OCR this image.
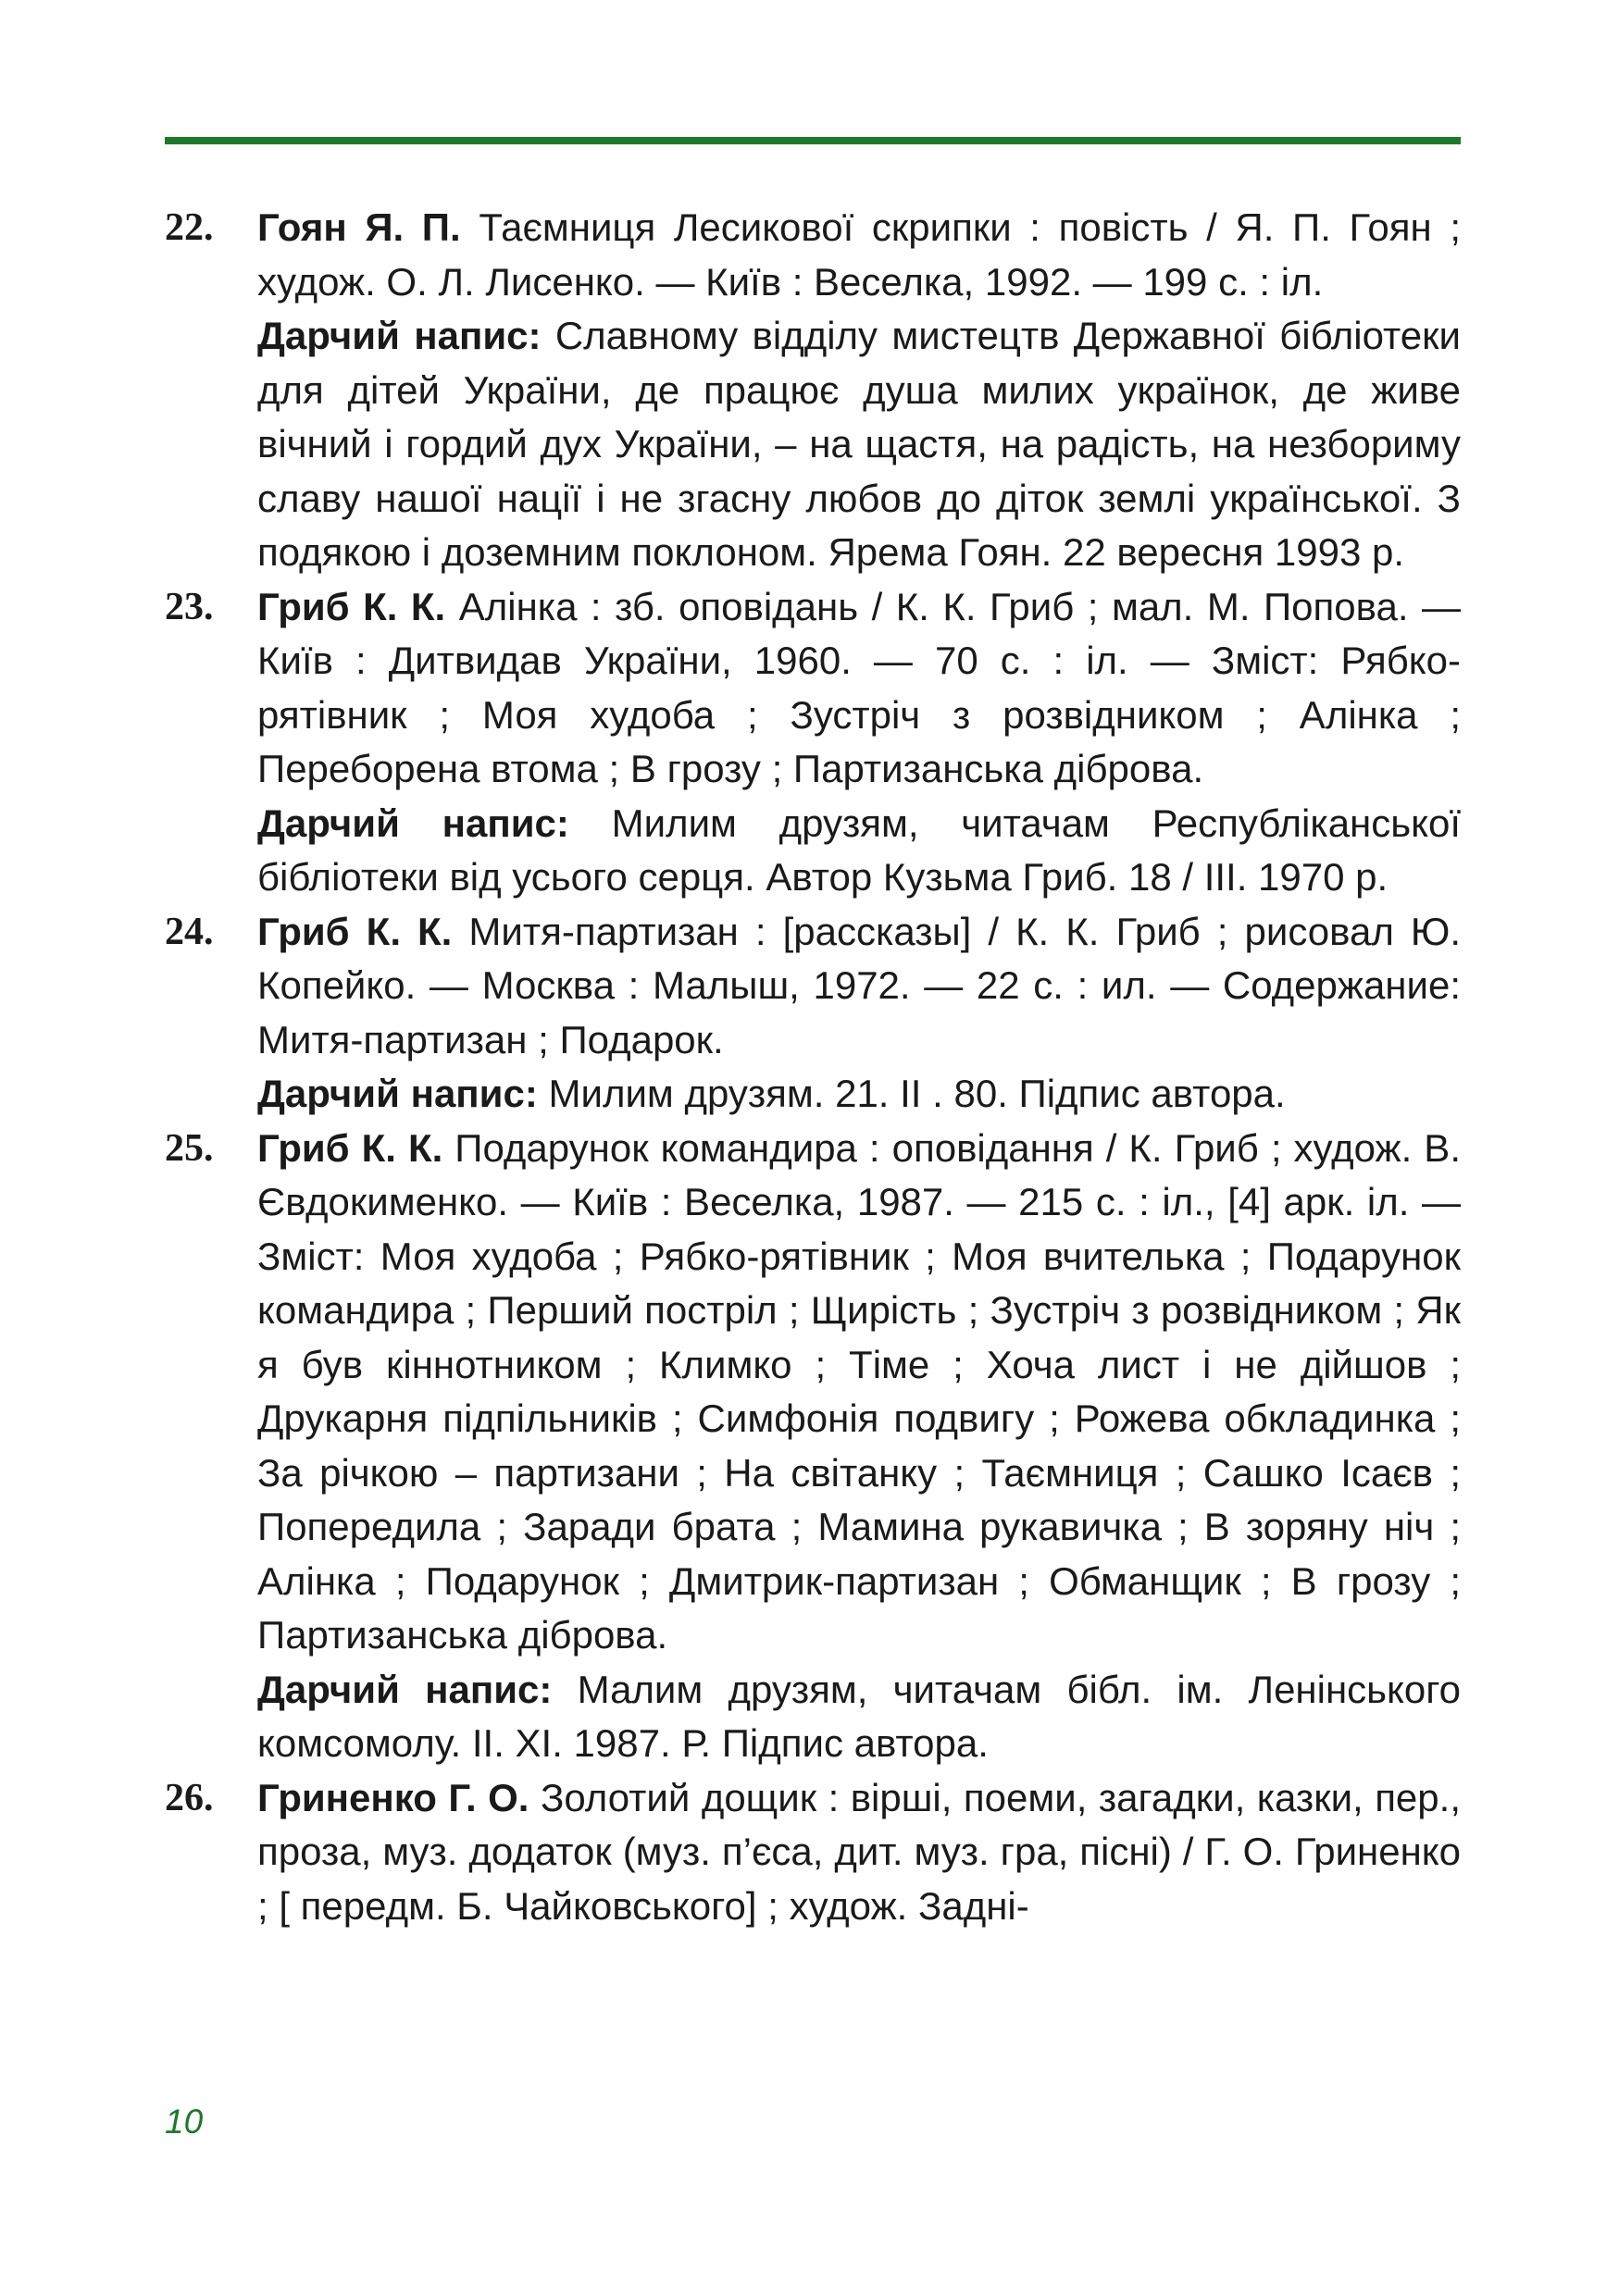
22. Гоян Я. П. Таємниця Лесикової скрипки : повість / Я. П. Гоян ; худож. О. Л. Лисенко. — Київ : Веселка, 1992. — 199 с. : іл.

Дарчий напис: Славному відділу мистецтв Державної бібліотеки для дітей України, де працює душа милих українок, де живе вічний і гордий дух України, – на щастя, на радість, на незбориму славу нашої нації і не згасну любов до діток землі української. З подякою і доземним поклоном. Ярема Гоян. 22 вересня 1993 р.

23. Гриб К. К. Алінка : зб. оповідань / К. К. Гриб ; мал. М. Попова. — Київ : Дитвидав України, 1960. — 70 с. : іл. — Зміст: Рябко-рятівник ; Моя худоба ; Зустріч з розвідником ; Алінка ; Переборена втома ; В грозу ; Партизанська діброва.

Дарчий напис: Милим друзям, читачам Республіканської бібліотеки від усього серця. Автор Кузьма Гриб. 18 / ІІІ. 1970 р.

24. Гриб К. К. Митя-партизан : [рассказы] / К. К. Гриб ; рисовал Ю. Копейко. — Москва : Малыш, 1972. — 22 с. : ил. — Содержание: Митя-партизан ; Подарок.

Дарчий напис: Милим друзям. 21. ІІ . 80. Підпис автора.

25. Гриб К. К. Подарунок командира : оповідання / К. Гриб ; худож. В. Євдокименко. — Київ : Веселка, 1987. — 215 с. : іл., [4] арк. іл. — Зміст: Моя худоба ; Рябко-рятівник ; Моя вчителька ; Подарунок командира ; Перший постріл ; Щирість ; Зустріч з розвідником ; Як я був кіннотником ; Климко ; Тіме ; Хоча лист і не дійшов ; Друкарня підпільників ; Симфонія подвигу ; Рожева обкладинка ; За річкою – партизани ; На світанку ; Таємниця ; Сашко Ісаєв ; Попередила ; Заради брата ; Мамина рукавичка ; В зоряну ніч ; Алінка ; Подарунок ; Дмитрик-партизан ; Обманщик ; В грозу ; Партизанська діброва.

Дарчий напис: Малим друзям, читачам бібл. ім. Ленінського комсомолу. ІІ. ХІ. 1987. Р. Підпис автора.

26. Гриненко Г. О. Золотий дощик : вірші, поеми, загадки, казки, пер., проза, муз. додаток (муз. п’єса, дит. муз. гра, пісні) / Г. О. Гриненко ; [ передм. Б. Чайковського] ; худож. Задні-

10
